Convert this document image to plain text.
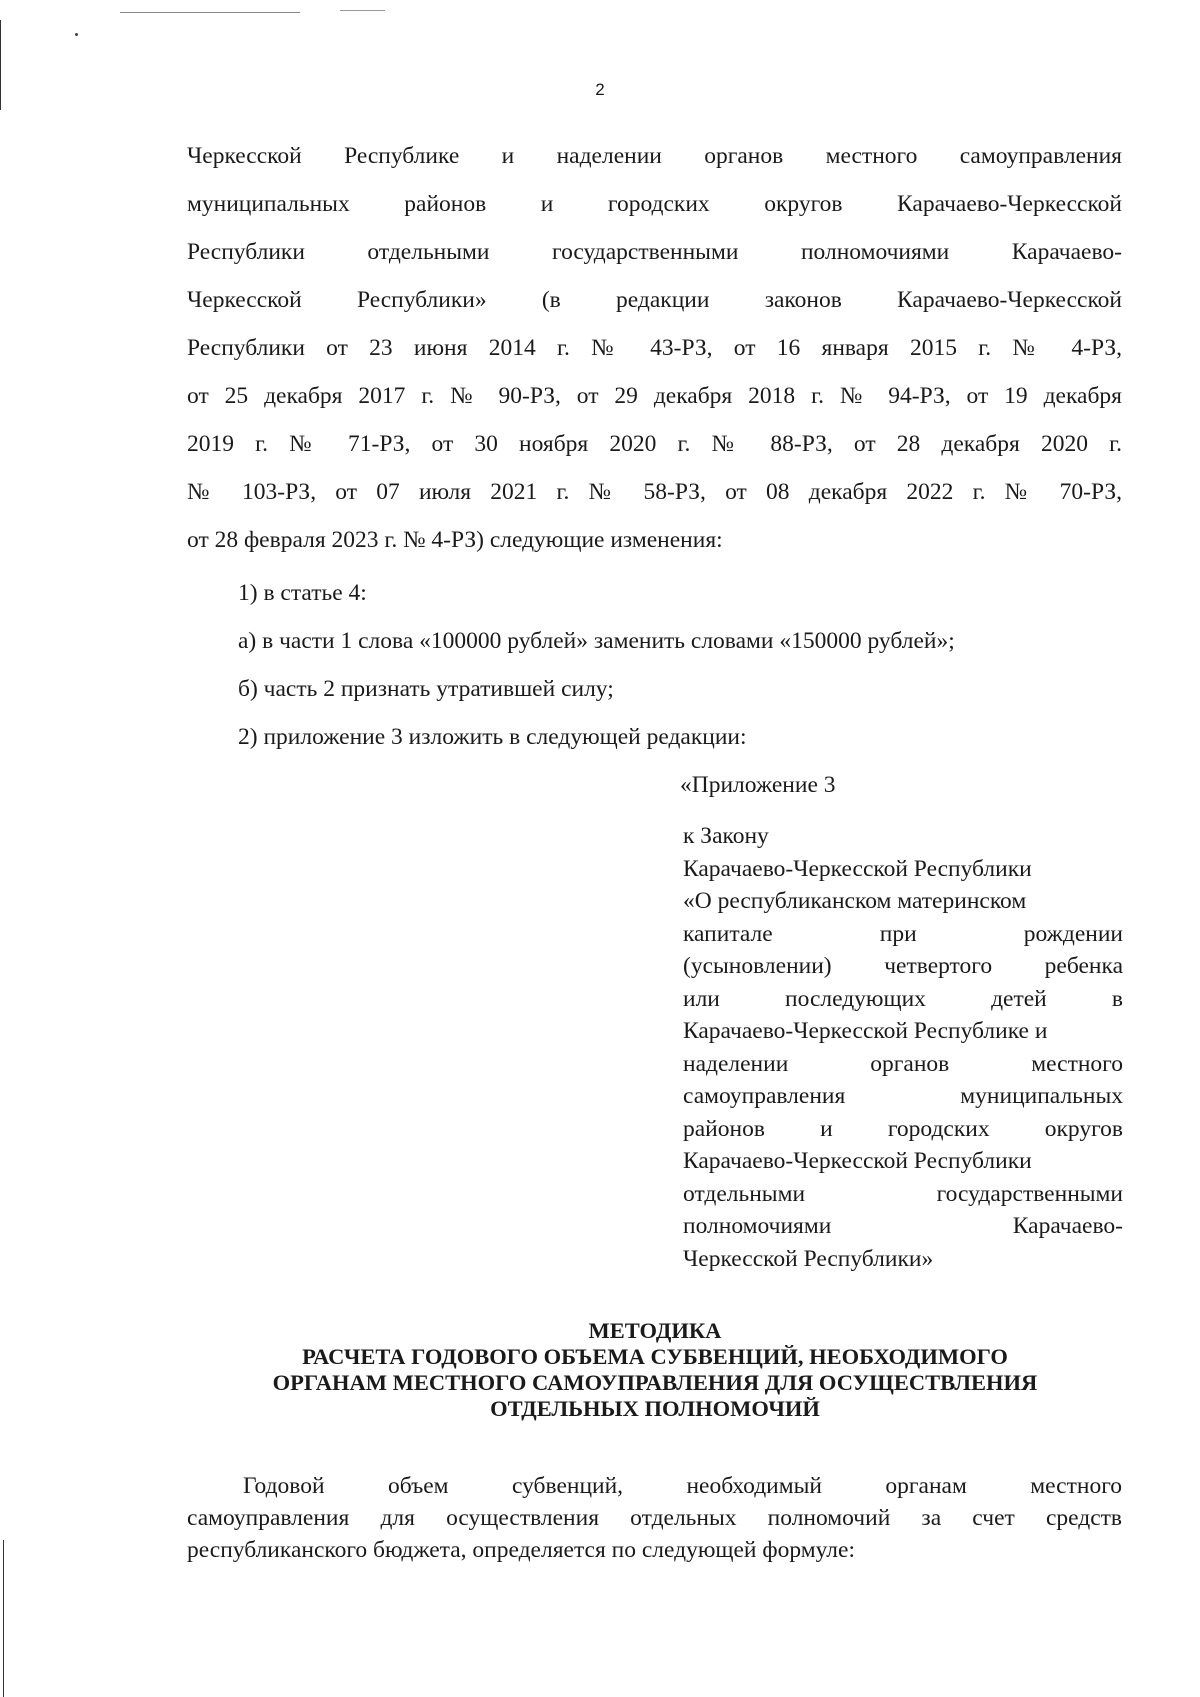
2
Черкесской Республике и наделении органов местного самоуправления
муниципальных районов и городских округов Карачаево-Черкесской
Республики отдельными государственными полномочиями Карачаево-
Черкесской Республики» (в редакции законов Карачаево-Черкесской
Республики от 23 июня 2014 г. № 43-РЗ, от 16 января 2015 г. № 4-РЗ,
от 25 декабря 2017 г. № 90-РЗ, от 29 декабря 2018 г. № 94-РЗ, от 19 декабря
2019 г. № 71-РЗ, от 30 ноября 2020 г. № 88-РЗ, от 28 декабря 2020 г.
№ 103-РЗ, от 07 июля 2021 г. № 58-РЗ, от 08 декабря 2022 г. № 70-РЗ,
от 28 февраля 2023 г. № 4-РЗ) следующие изменения:
1) в статье 4:
а) в части 1 слова «100000 рублей» заменить словами «150000 рублей»;
б) часть 2 признать утратившей силу;
2) приложение 3 изложить в следующей редакции:
«Приложение 3
к Закону
Карачаево-Черкесской Республики
«О республиканском материнском
капитале при рождении
(усыновлении) четвертого ребенка
или последующих детей в
Карачаево-Черкесской Республике и
наделении органов местного
самоуправления муниципальных
районов и городских округов
Карачаево-Черкесской Республики
отдельными государственными
полномочиями Карачаево-
Черкесской Республики»
МЕТОДИКА
РАСЧЕТА ГОДОВОГО ОБЪЕМА СУБВЕНЦИЙ, НЕОБХОДИМОГО
ОРГАНАМ МЕСТНОГО САМОУПРАВЛЕНИЯ ДЛЯ ОСУЩЕСТВЛЕНИЯ
ОТДЕЛЬНЫХ ПОЛНОМОЧИЙ
Годовой объем субвенций, необходимый органам местного
самоуправления для осуществления отдельных полномочий за счет средств
республиканского бюджета, определяется по следующей формуле:
